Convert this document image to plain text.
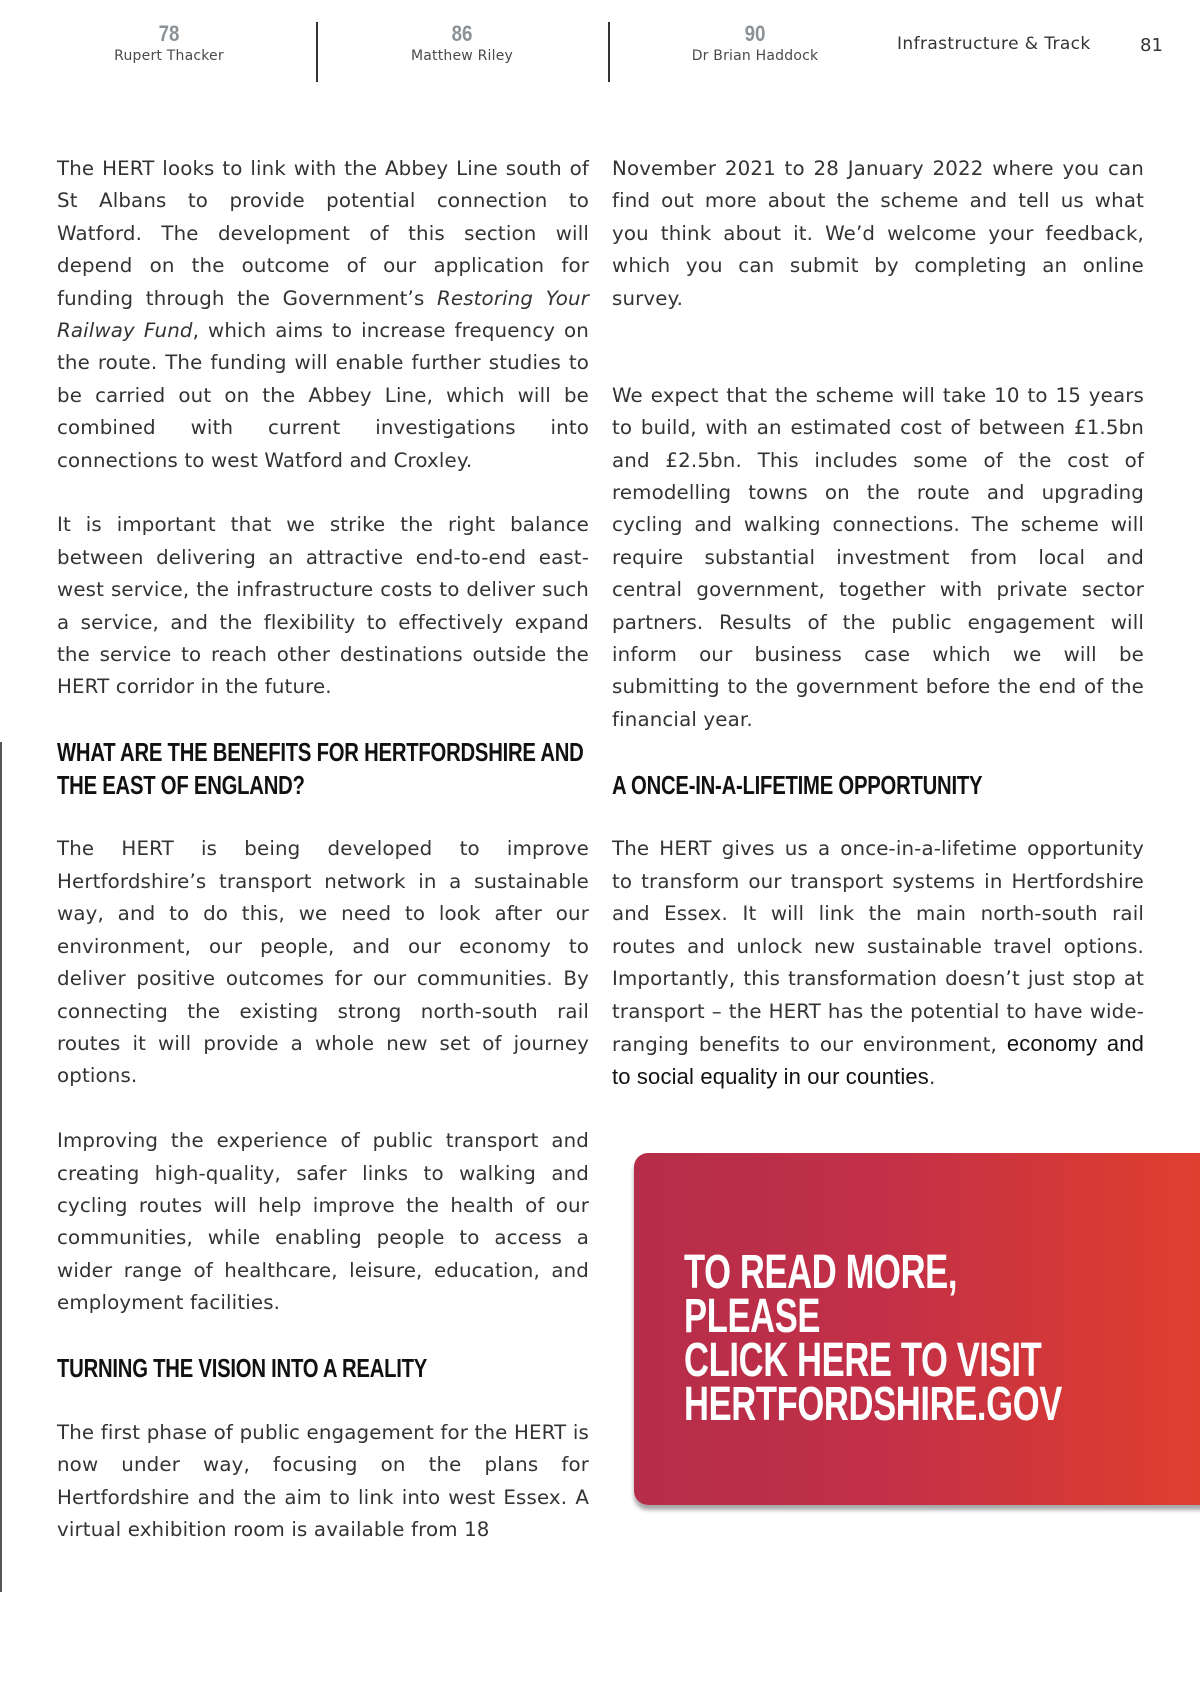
78
Rupert Thacker
86
Matthew Riley
90
Dr Brian Haddock
Infrastructure & Track	81

The HERT looks to link with the Abbey Line south of St Albans to provide potential connection to Watford. The development of this section will depend on the outcome of our application for funding through the Government’s Restoring Your Railway Fund, which aims to increase frequency on the route. The funding will enable further studies to be carried out on the Abbey Line, which will be combined with current investigations into connections to west Watford and Croxley.

It is important that we strike the right balance between delivering an attractive end-to-end east-west service, the infrastructure costs to deliver such a service, and the flexibility to effectively expand the service to reach other destinations outside the HERT corridor in the future.

WHAT ARE THE BENEFITS FOR HERTFORDSHIRE AND THE EAST OF ENGLAND?

The HERT is being developed to improve Hertfordshire’s transport network in a sustainable way, and to do this, we need to look after our environment, our people, and our economy to deliver positive outcomes for our communities. By connecting the existing strong north-south rail routes it will provide a whole new set of journey options.

Improving the experience of public transport and creating high-quality, safer links to walking and cycling routes will help improve the health of our communities, while enabling people to access a wider range of healthcare, leisure, education, and employment facilities.

TURNING THE VISION INTO A REALITY

The first phase of public engagement for the HERT is now under way, focusing on the plans for Hertfordshire and the aim to link into west Essex. A virtual exhibition room is available from 18

November 2021 to 28 January 2022 where you can find out more about the scheme and tell us what you think about it. We’d welcome your feedback, which you can submit by completing an online survey.

We expect that the scheme will take 10 to 15 years to build, with an estimated cost of between £1.5bn and £2.5bn. This includes some of the cost of remodelling towns on the route and upgrading cycling and walking connections. The scheme will require substantial investment from local and central government, together with private sector partners. Results of the public engagement will inform our business case which we will be submitting to the government before the end of the financial year.

A ONCE-IN-A-LIFETIME OPPORTUNITY

The HERT gives us a once-in-a-lifetime opportunity to transform our transport systems in Hertfordshire and Essex. It will link the main north-south rail routes and unlock new sustainable travel options. Importantly, this transformation doesn’t just stop at transport – the HERT has the potential to have wide-ranging benefits to our environment, economy and to social equality in our counties.

TO READ MORE, PLEASE
CLICK HERE TO VISIT
HERTFORDSHIRE.GOV
